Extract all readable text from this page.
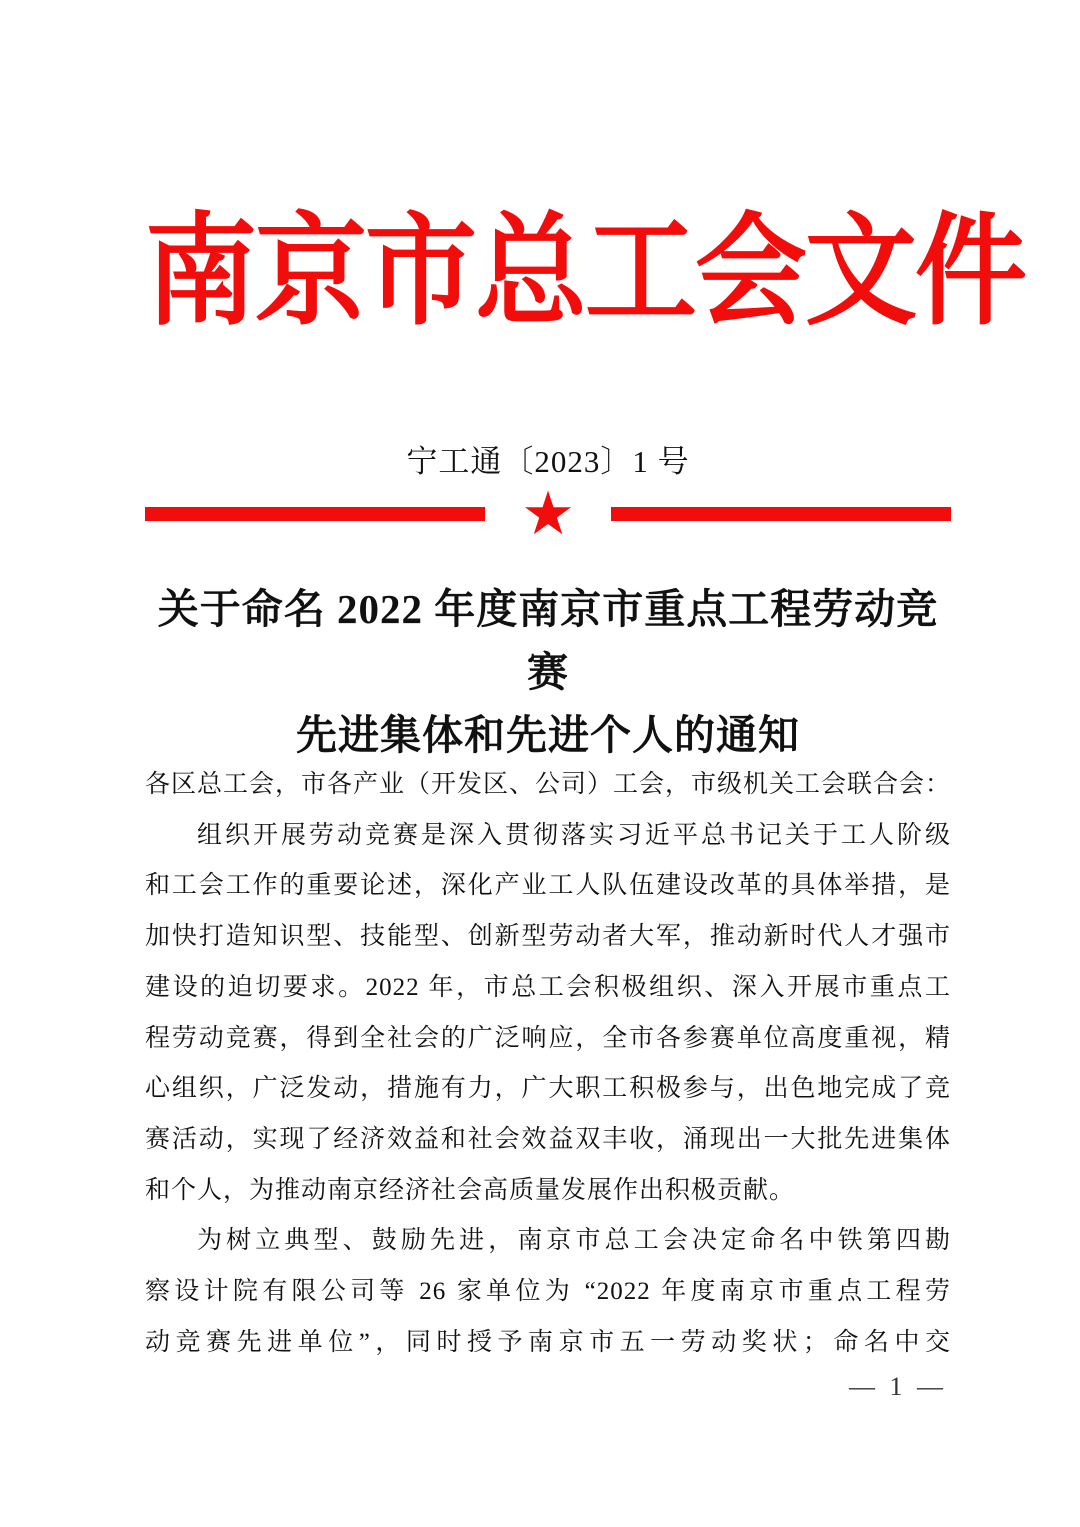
南京市总工会文件
宁工通〔2023〕1 号
★
关于命名 2022 年度南京市重点工程劳动竞赛
先进集体和先进个人的通知
各区总工会，市各产业（开发区、公司）工会，市级机关工会联合会：
组织开展劳动竞赛是深入贯彻落实习近平总书记关于工人阶级
和工会工作的重要论述，深化产业工人队伍建设改革的具体举措，是
加快打造知识型、技能型、创新型劳动者大军，推动新时代人才强市
建设的迫切要求。2022 年，市总工会积极组织、深入开展市重点工
程劳动竞赛，得到全社会的广泛响应，全市各参赛单位高度重视，精
心组织，广泛发动，措施有力，广大职工积极参与，出色地完成了竞
赛活动，实现了经济效益和社会效益双丰收，涌现出一大批先进集体
和个人，为推动南京经济社会高质量发展作出积极贡献。
为树立典型、鼓励先进，南京市总工会决定命名中铁第四勘
察设计院有限公司等 26 家单位为 “2022 年度南京市重点工程劳
动竞赛先进单位”，同时授予南京市五一劳动奖状；命名中交
— 1 —
